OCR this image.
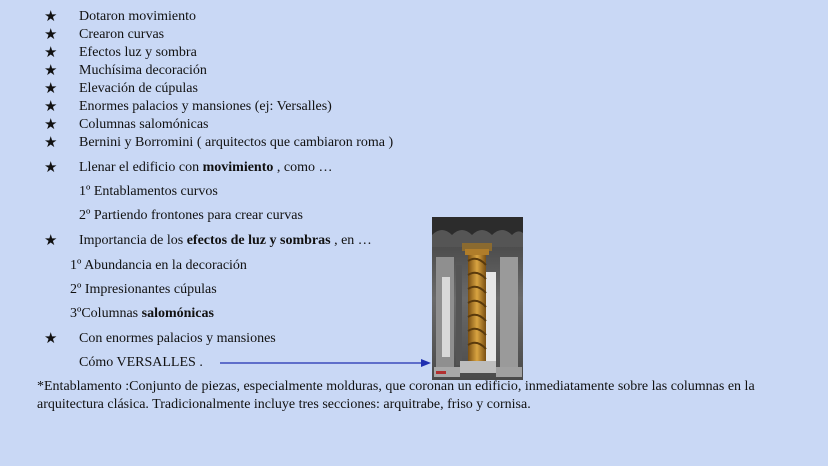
★ Dotaron movimiento
★ Crearon curvas
★ Efectos luz y sombra
★ Muchísima decoración
★ Elevación de cúpulas
★ Enormes palacios y mansiones (ej: Versalles)
★ Columnas salomónicas
★ Bernini y Borromini ( arquitectos que cambiaron roma )
★ Llenar el edificio con movimiento , como …
1º Entablamentos curvos
2º Partiendo frontones para crear curvas
★ Importancia de los efectos de luz y sombras , en …
1º Abundancia en la decoración
2º Impresionantes cúpulas
3ºColumnas salomónicas
★ Con enormes palacios y mansiones
Cómo VERSALLES .
*Entablamento :Conjunto de piezas, especialmente molduras, que coronan un edificio, inmediatamente sobre las columnas en la arquitectura clásica. Tradicionalmente incluye tres secciones: arquitrabe, friso y cornisa.
